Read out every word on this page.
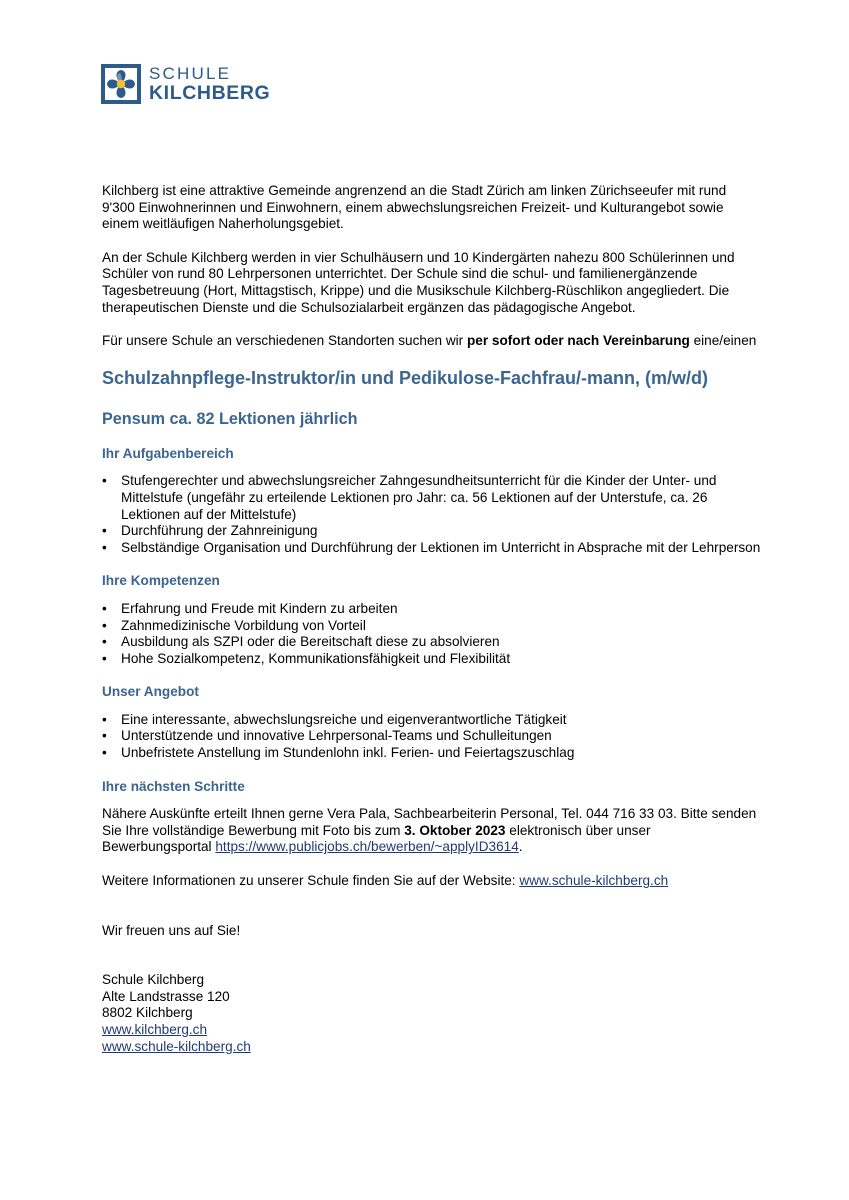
SCHULE
KILCHBERG

Kilchberg ist eine attraktive Gemeinde angrenzend an die Stadt Zürich am linken Zürichseeufer mit rund 9'300 Einwohnerinnen und Einwohnern, einem abwechslungsreichen Freizeit- und Kulturangebot sowie einem weitläufigen Naherholungsgebiet.

An der Schule Kilchberg werden in vier Schulhäusern und 10 Kindergärten nahezu 800 Schülerinnen und Schüler von rund 80 Lehrpersonen unterrichtet. Der Schule sind die schul- und familienergänzende Tagesbetreuung (Hort, Mittagstisch, Krippe) und die Musikschule Kilchberg-Rüschlikon angegliedert. Die therapeutischen Dienste und die Schulsozialarbeit ergänzen das pädagogische Angebot.

Für unsere Schule an verschiedenen Standorten suchen wir per sofort oder nach Vereinbarung eine/einen

Schulzahnpflege-Instruktor/in und Pedikulose-Fachfrau/-mann, (m/w/d)
Pensum ca. 82 Lektionen jährlich
Ihr Aufgabenbereich
• Stufengerechter und abwechslungsreicher Zahngesundheitsunterricht für die Kinder der Unter- und Mittelstufe (ungefähr zu erteilende Lektionen pro Jahr: ca. 56 Lektionen auf der Unterstufe, ca. 26 Lektionen auf der Mittelstufe)
• Durchführung der Zahnreinigung
• Selbständige Organisation und Durchführung der Lektionen im Unterricht in Absprache mit der Lehrperson
Ihre Kompetenzen
• Erfahrung und Freude mit Kindern zu arbeiten
• Zahnmedizinische Vorbildung von Vorteil
• Ausbildung als SZPI oder die Bereitschaft diese zu absolvieren
• Hohe Sozialkompetenz, Kommunikationsfähigkeit und Flexibilität
Unser Angebot
• Eine interessante, abwechslungsreiche und eigenverantwortliche Tätigkeit
• Unterstützende und innovative Lehrpersonal-Teams und Schulleitungen
• Unbefristete Anstellung im Stundenlohn inkl. Ferien- und Feiertagszuschlag
Ihre nächsten Schritte

Nähere Auskünfte erteilt Ihnen gerne Vera Pala, Sachbearbeiterin Personal, Tel. 044 716 33 03. Bitte senden Sie Ihre vollständige Bewerbung mit Foto bis zum 3. Oktober 2023 elektronisch über unser Bewerbungsportal https://www.publicjobs.ch/bewerben/~applyID3614.

Weitere Informationen zu unserer Schule finden Sie auf der Website: www.schule-kilchberg.ch

Wir freuen uns auf Sie!

Schule Kilchberg
Alte Landstrasse 120
8802 Kilchberg
www.kilchberg.ch
www.schule-kilchberg.ch
